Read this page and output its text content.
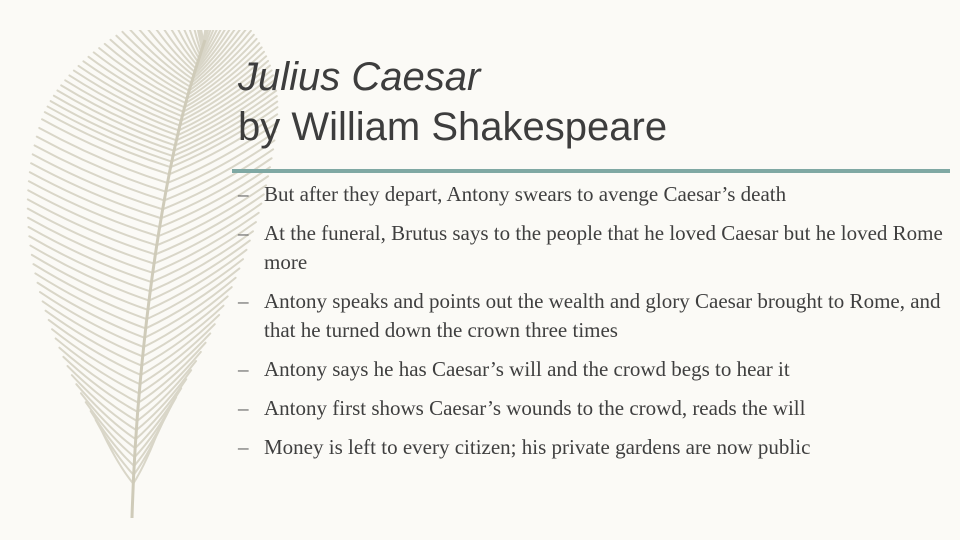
Julius Caesar
by William Shakespeare
– But after they depart, Antony swears to avenge Caesar’s death
– At the funeral, Brutus says to the people that he loved Caesar but he loved Rome more
– Antony speaks and points out the wealth and glory Caesar brought to Rome, and that he turned down the crown three times
– Antony says he has Caesar’s will and the crowd begs to hear it
– Antony first shows Caesar’s wounds to the crowd, reads the will
– Money is left to every citizen; his private gardens are now public
